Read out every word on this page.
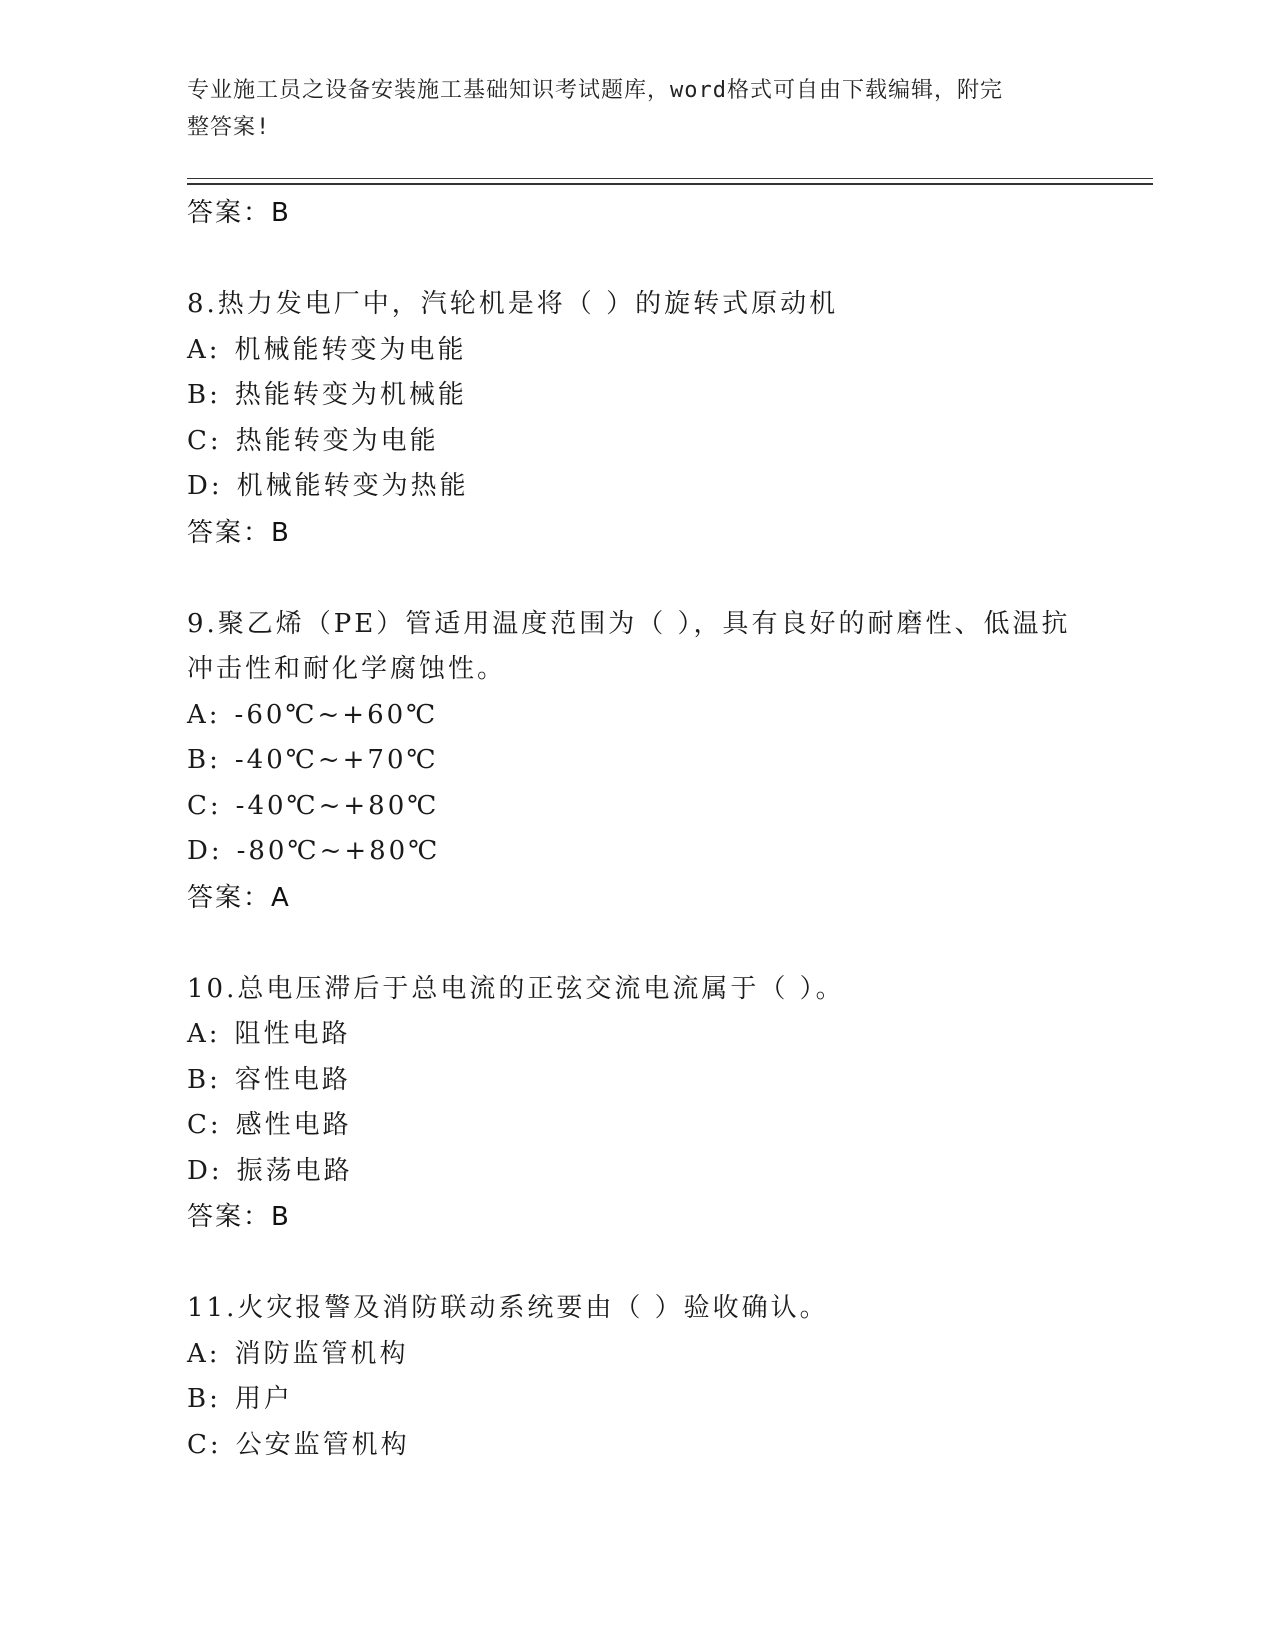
专业施工员之设备安装施工基础知识考试题库，word格式可自由下载编辑，附完
整答案!
答案：B
8.热力发电厂中，汽轮机是将（ ）的旋转式原动机
A: 机械能转变为电能
B: 热能转变为机械能
C: 热能转变为电能
D: 机械能转变为热能
答案：B
9.聚乙烯（PE）管适用温度范围为（ ），具有良好的耐磨性、低温抗
冲击性和耐化学腐蚀性。
A: -60℃~+60℃
B: -40℃~+70℃
C: -40℃~+80℃
D: -80℃~+80℃
答案：A
10.总电压滞后于总电流的正弦交流电流属于（ ）。
A: 阻性电路
B: 容性电路
C: 感性电路
D: 振荡电路
答案：B
11.火灾报警及消防联动系统要由（ ）验收确认。
A: 消防监管机构
B: 用户
C: 公安监管机构
